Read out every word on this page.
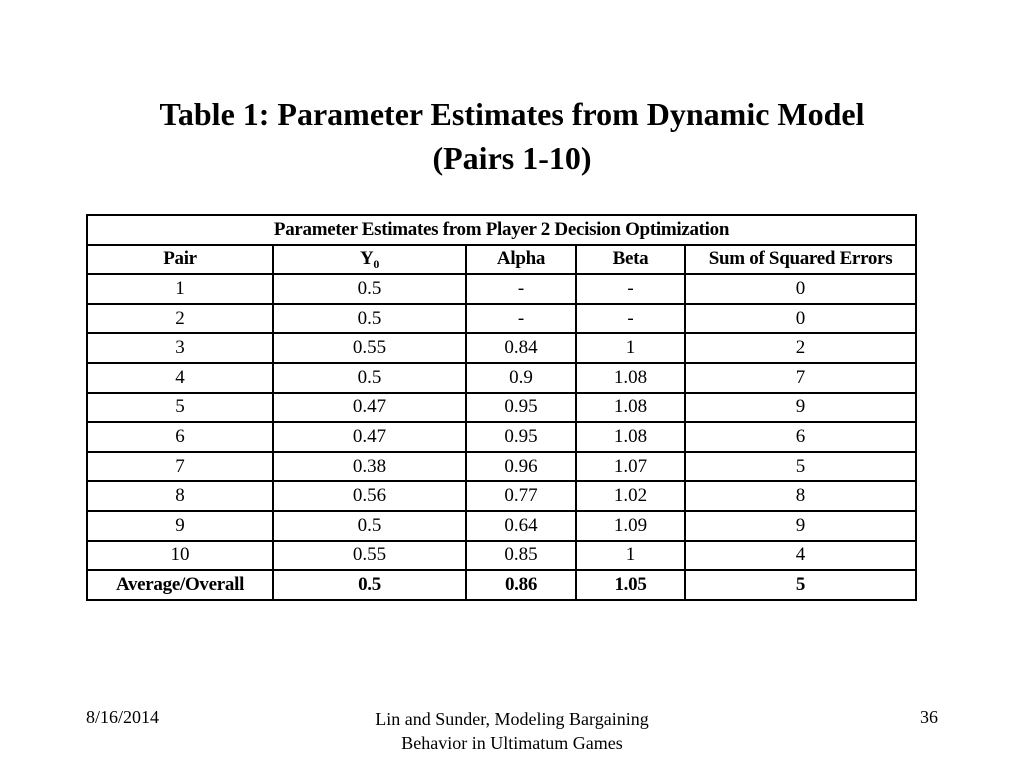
Table 1: Parameter Estimates from Dynamic Model
(Pairs 1-10)
Parameter Estimates from Player 2 Decision Optimization				
Pair	$Y_0$	Alpha	Beta	Sum of Squared Errors
1	0.5	-	-	0
2	0.5	-	-	0
3	0.55	0.84	1	2
4	0.5	0.9	1.08	7
5	0.47	0.95	1.08	9
6	0.47	0.95	1.08	6
7	0.38	0.96	1.07	5
8	0.56	0.77	1.02	8
9	0.5	0.64	1.09	9
10	0.55	0.85	1	4
Average/Overall	0.5	0.86	1.05	5
8/16/2014	Lin and Sunder, Modeling Bargaining
Behavior in Ultimatum Games
36
